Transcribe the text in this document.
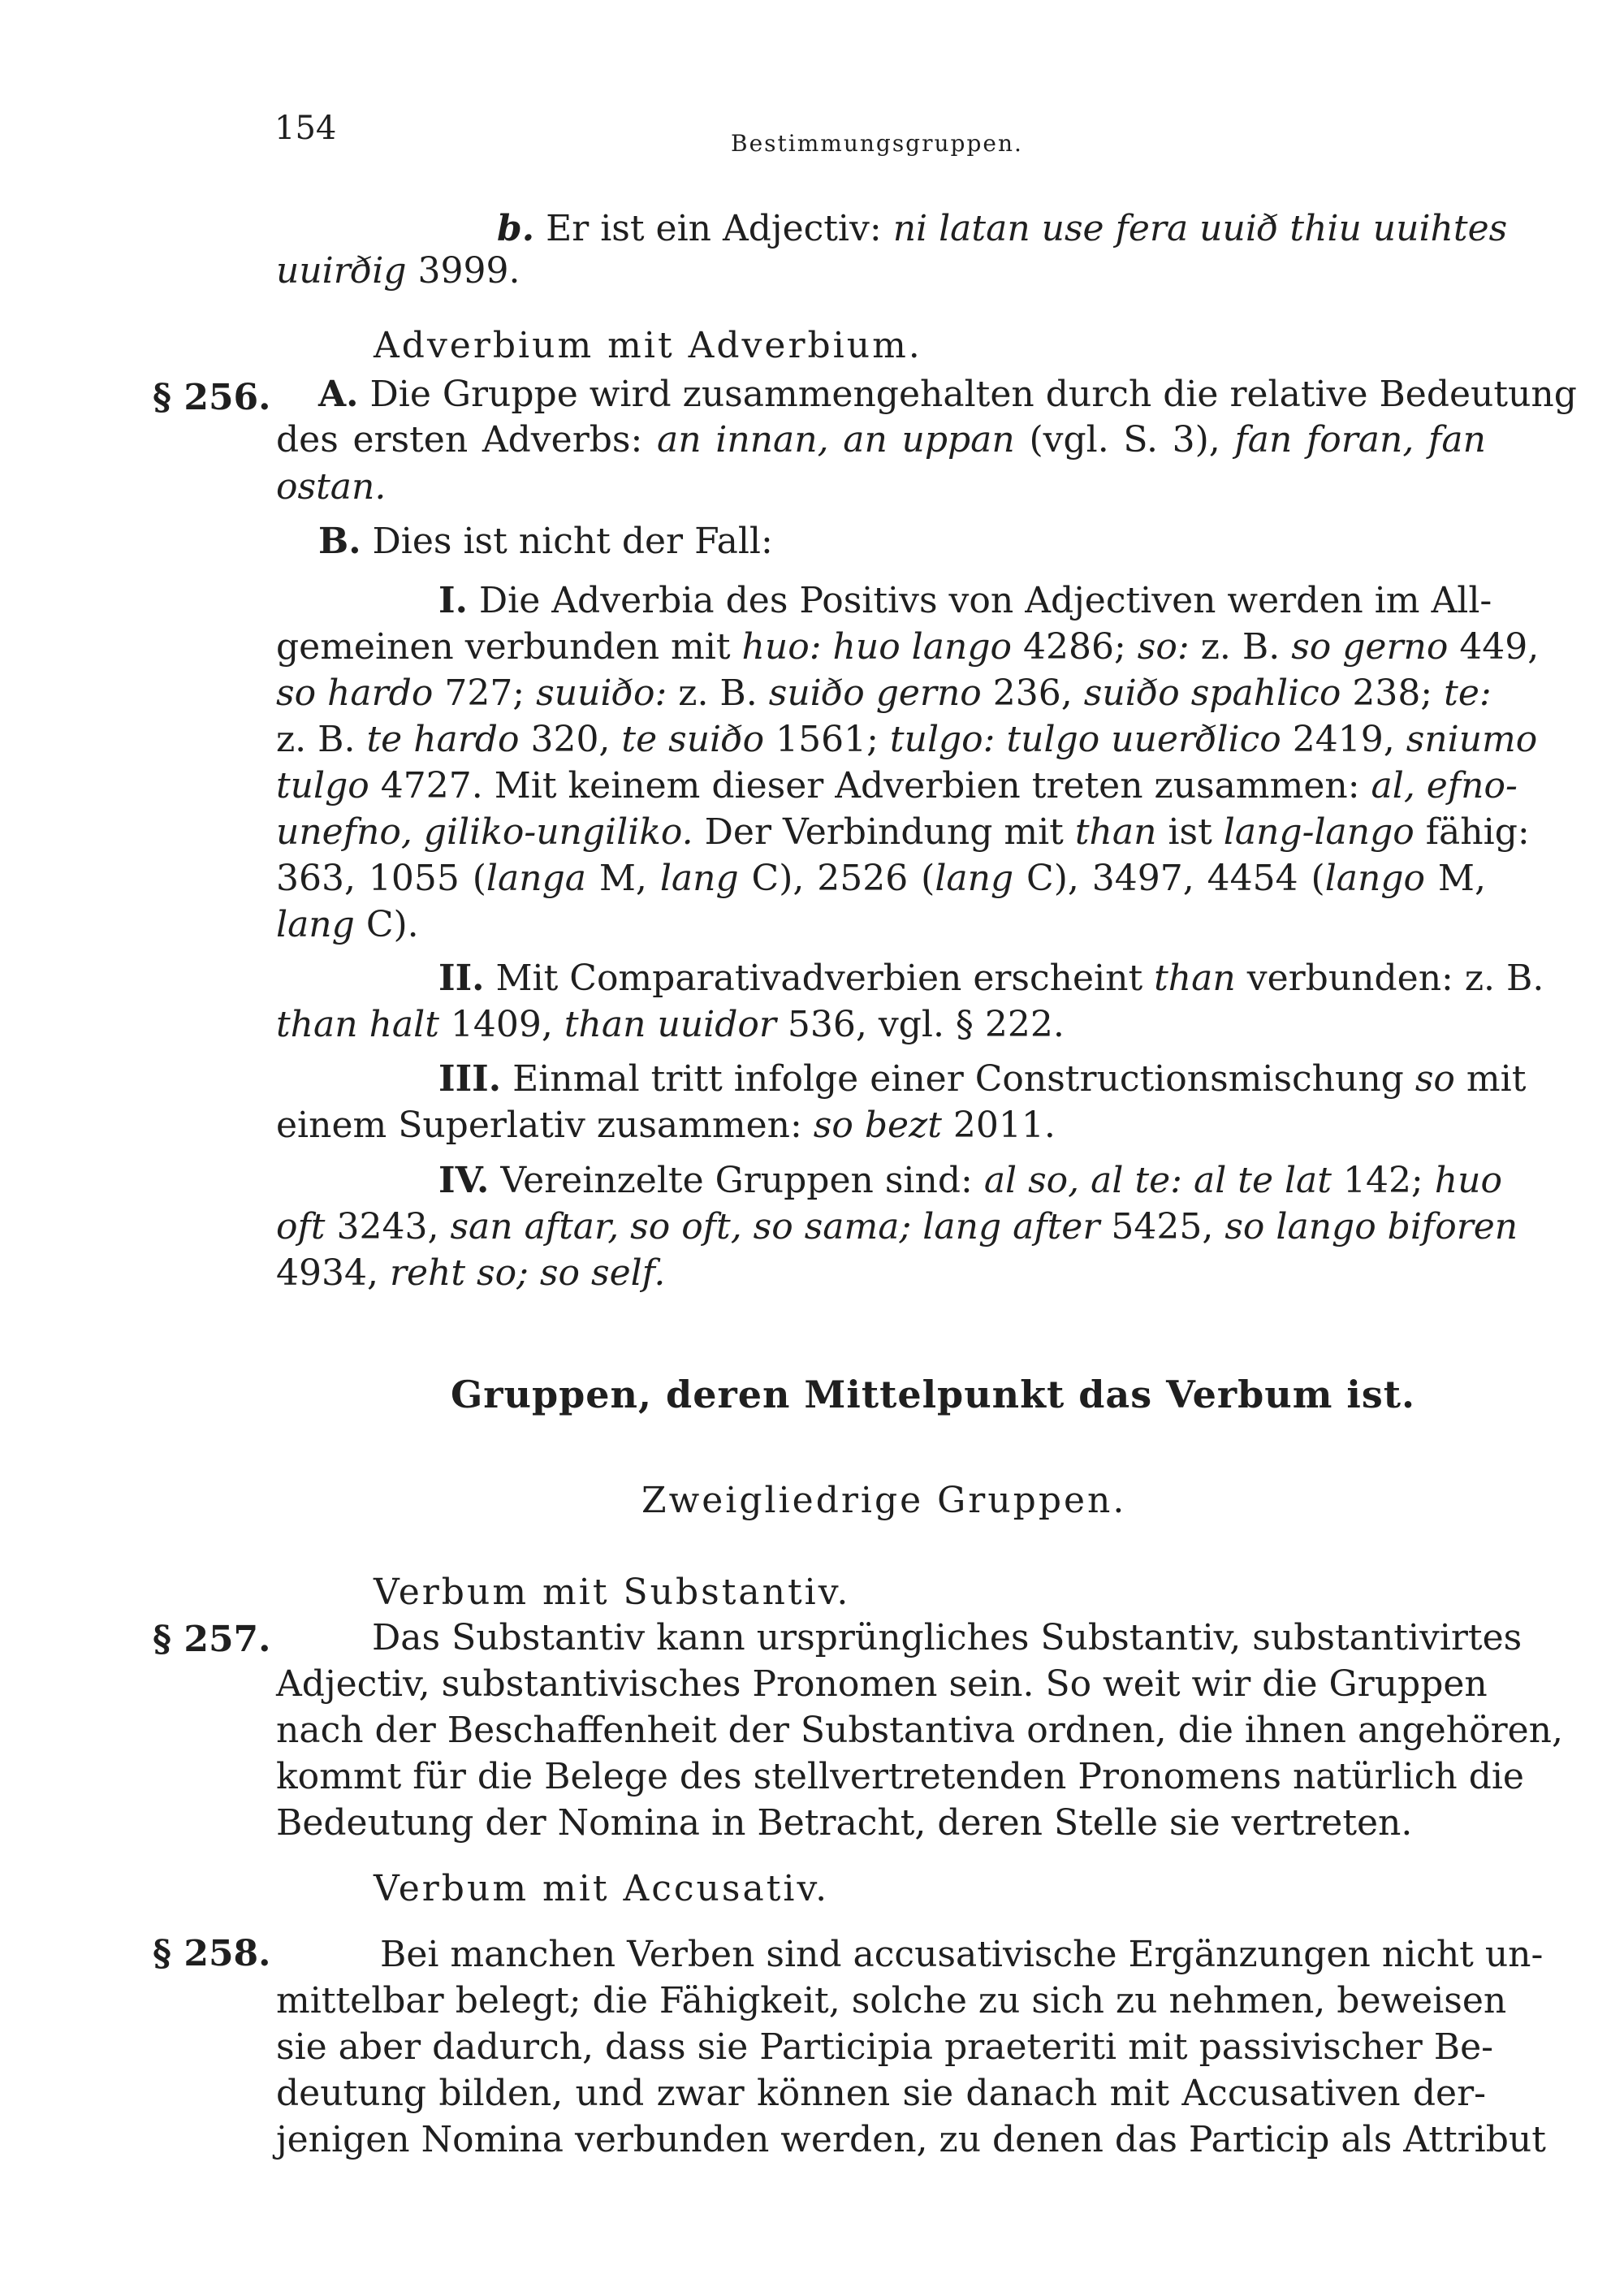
154	Bestimmungsgruppen.
b. Er ist ein Adjectiv: ni latan use fera uuið thiu uuihtes
uuirðig 3999.
Adverbium mit Adverbium.
§ 256. A. Die Gruppe wird zusammengehalten durch die relative Bedeutung
des ersten Adverbs: an innan, an uppan (vgl. S. 3), fan foran, fan
ostan.
B. Dies ist nicht der Fall:
I. Die Adverbia des Positivs von Adjectiven werden im All-
gemeinen verbunden mit huo: huo lango 4286; so: z. B. so gerno 449,
so hardo 727; suuiðo: z. B. suiðo gerno 236, suiðo spahlico 238; te:
z. B. te hardo 320, te suiðo 1561; tulgo: tulgo uuerðlico 2419, sniumo
tulgo 4727. Mit keinem dieser Adverbien treten zusammen: al, efno-
unefno, giliko-ungiliko. Der Verbindung mit than ist lang-lango fähig:
363, 1055 (langa M, lang C), 2526 (lang C), 3497, 4454 (lango M,
lang C).
II. Mit Comparativadverbien erscheint than verbunden: z. B.
than halt 1409, than uuidor 536, vgl. § 222.
III. Einmal tritt infolge einer Constructionsmischung so mit
einem Superlativ zusammen: so bezt 2011.
IV. Vereinzelte Gruppen sind: al so, al te: al te lat 142; huo
oft 3243, san aftar, so oft, so sama; lang after 5425, so lango biforen
4934, reht so; so self.
Gruppen, deren Mittelpunkt das Verbum ist.
Zweigliedrige Gruppen.
Verbum mit Substantiv.
§ 257.	Das Substantiv kann ursprüngliches Substantiv, substantivirtes
Adjectiv, substantivisches Pronomen sein. So weit wir die Gruppen
nach der Beschaffenheit der Substantiva ordnen, die ihnen angehören,
kommt für die Belege des stellvertretenden Pronomens natürlich die
Bedeutung der Nomina in Betracht, deren Stelle sie vertreten.
Verbum mit Accusativ.
§ 258.	Bei manchen Verben sind accusativische Ergänzungen nicht un-
mittelbar belegt; die Fähigkeit, solche zu sich zu nehmen, beweisen
sie aber dadurch, dass sie Participia praeteriti mit passivischer Be-
deutung bilden, und zwar können sie danach mit Accusativen der-
jenigen Nomina verbunden werden, zu denen das Particip als Attribut
